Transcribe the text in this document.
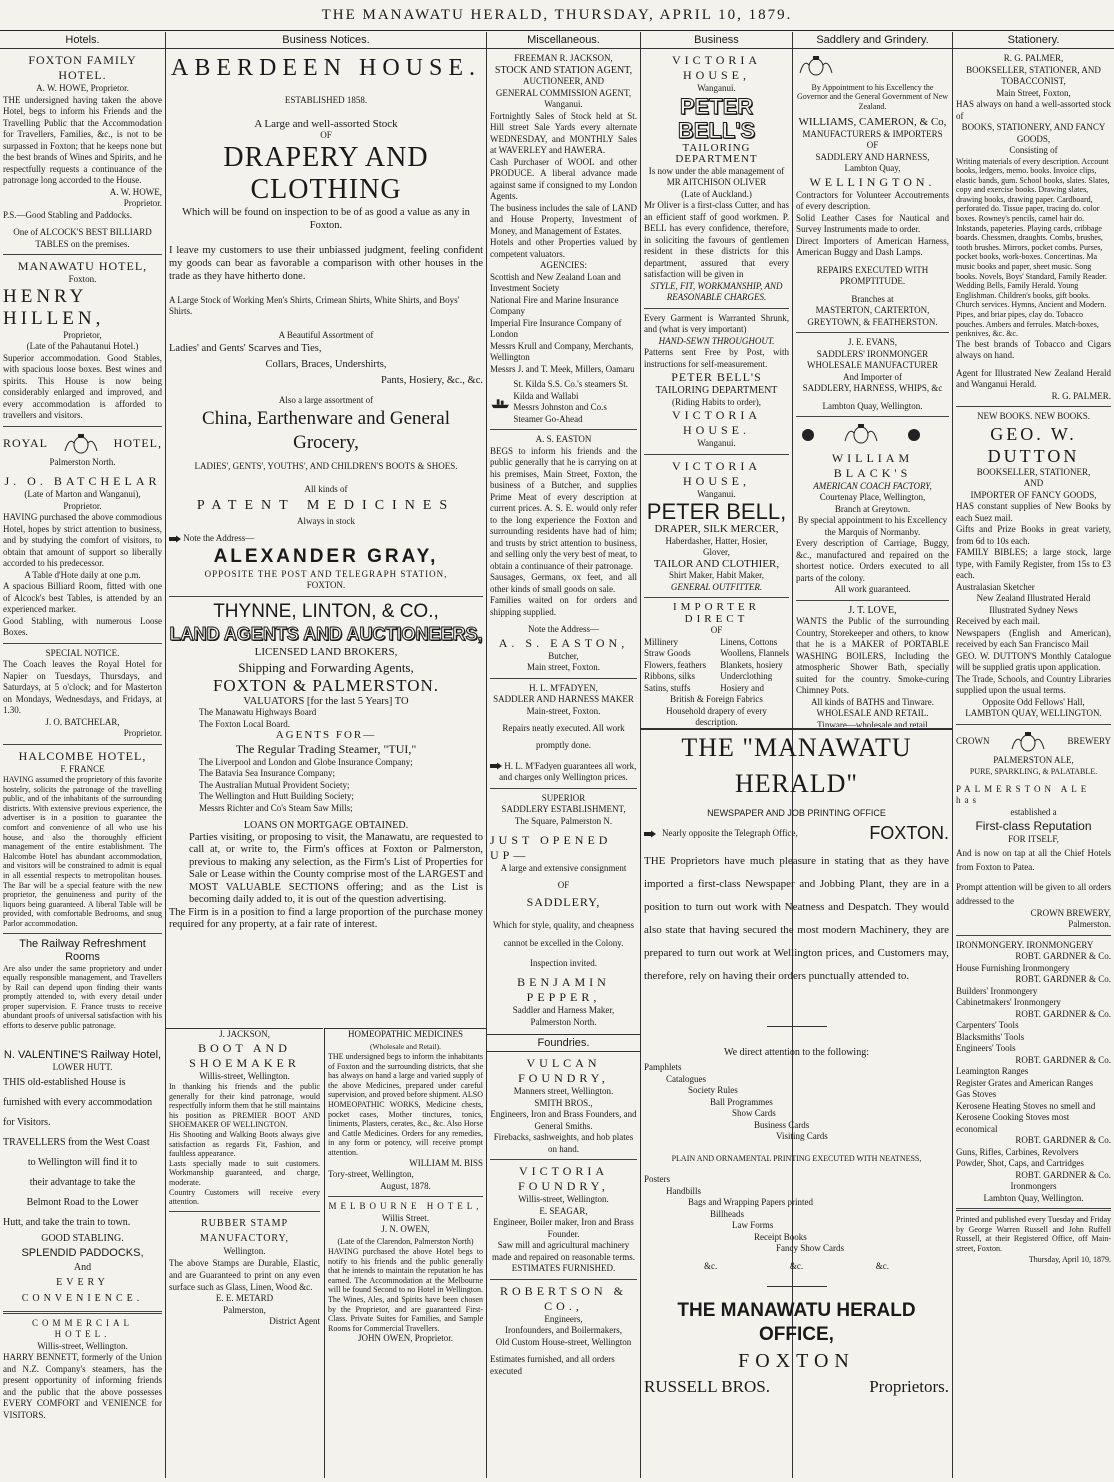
THE MANAWATU HERALD, THURSDAY, APRIL 10, 1879.
Hotels.

FOXTON FAMILY HOTEL.

A. W. HOWE, Proprietor.

THE undersigned having taken the above Hotel, begs to inform his Friends and the Travelling Public that the Accommodation for Travellers, Families, &c., is not to be surpassed in Foxton; that he keeps none but the best brands of Wines and Spirits, and he respectfully requests a continuance of the patronage long accorded to the House.

A. W. HOWE,

Proprietor.

P.S.—Good Stabling and Paddocks.

One of ALCOCK'S BEST BILLIARD

TABLES on the premises.

MANAWATU HOTEL,

Foxton.

HENRY HILLEN,

Proprietor,

(Late of the Pahautanui Hotel.)

Superior accommodation. Good Stables, with spacious loose boxes. Best wines and spirits. This House is now being considerably enlarged and improved, and every accommodation is afforded to travellers and visitors.

ROYAL	HOTEL,

Palmerston North.

J. O. BATCHELAR

(Late of Marton and Wanganui),

Proprietor.

HAVING purchased the above commodious Hotel, hopes by strict attention to business, and by studying the comfort of visitors, to obtain that amount of support so liberally accorded to his predecessor.

A Table d'Hote daily at one p.m.

A spacious Billiard Room, fitted with one of Alcock's best Tables, is attended by an experienced marker.

Good Stabling, with numerous Loose Boxes.

SPECIAL NOTICE.

The Coach leaves the Royal Hotel for Napier on Tuesdays, Thursdays, and Saturdays, at 5 o'clock; and for Masterton on Mondays, Wednesdays, and Fridays, at 1.30.

J. O. BATCHELAR,

Proprietor.

HALCOMBE HOTEL,

F. FRANCE

HAVING assumed the proprietory of this favorite hostelry, solicits the patronage of the travelling public, and of the inhabitants of the surrounding districts. With extensive previous experience, the advertiser is in a position to guarantee the comfort and convenience of all who use his house, and also the thoroughly efficient management of the entire establishment. The Halcombe Hotel has abundant accommodation, and visitors will be constrained to admit is equal in all essential respects to metropolitan houses. The Bar will be a special feature with the new proprietor, the genuineness and purity of the liquors being guaranteed. A liberal Table will be provided, with comfortable Bedrooms, and snug Parlor accommodation.

The Railway Refreshment Rooms

Are also under the same proprietory and under equally responsible management, and Travellers by Rail can depend upon finding their wants promptly attended to, with every detail under proper supervision. F. France trusts to receive abundant proofs of universal satisfaction with his efforts to deserve public patronage.

N. VALENTINE'S Railway Hotel,

LOWER HUTT.

THIS old-established House is

furnished with every accommodation

for Visitors.

TRAVELLERS from the West Coast

to Wellington will find it to

their advantage to take the

Belmont Road to the Lower

Hutt, and take the train to town.

GOOD STABLING.

SPLENDID PADDOCKS,

And

EVERY CONVENIENCE.

COMMERCIAL HOTEL.

Willis-street, Wellington.

HARRY BENNETT, formerly of the Union and N.Z. Company's steamers, has the present opportunity of informing friends and the public that the above possesses EVERY COMFORT and VENIENCE for VISITORS.

Business Notices.

ABERDEEN HOUSE.

ESTABLISHED 1858.

A Large and well-assorted Stock

OF

DRAPERY AND CLOTHING

Which will be found on inspection to be of as good a value as any in Foxton.

I leave my customers to use their unbiassed judgment, feeling confident my goods can bear as favorable a comparison with other houses in the trade as they have hitherto done.

A Large Stock of Working Men's Shirts, Crimean Shirts, White Shirts, and Boys' Shirts.

A Beautiful Assortment of

Ladies' and Gents' Scarves and Ties,

Collars, Braces, Undershirts,

Pants, Hosiery, &c., &c.

Also a large assortment of

China, Earthenware and General Grocery,

LADIES', GENTS', YOUTHS', AND CHILDREN'S BOOTS & SHOES.

All kinds of

PATENT MEDICINES

Always in stock

Note the Address—

ALEXANDER GRAY,

OPPOSITE THE POST AND TELEGRAPH STATION,

FOXTON.

THYNNE, LINTON, & CO.,

LAND AGENTS AND AUCTIONEERS,

LICENSED LAND BROKERS,

Shipping and Forwarding Agents,

FOXTON & PALMERSTON.

VALUATORS [for the last 5 Years] TO

The Manawatu Highways Board

The Foxton Local Board.

AGENTS FOR—

The Regular Trading Steamer, "TUI,"

The Liverpool and London and Globe Insurance Company;

The Batavia Sea Insurance Company;

The Australian Mutual Provident Society;

The Wellington and Hutt Building Society;

Messrs Richter and Co's Steam Saw Mills;

LOANS ON MORTGAGE OBTAINED.

Parties visiting, or proposing to visit, the Manawatu, are requested to call at, or write to, the Firm's offices at Foxton or Palmerston, previous to making any selection, as the Firm's List of Properties for Sale or Lease within the County comprise most of the LARGEST and MOST VALUABLE SECTIONS offering; and as the List is becoming daily added to, it is out of the question advertising.

The Firm is in a position to find a large proportion of the purchase money required for any property, at a fair rate of interest.

J. JACKSON,

BOOT AND SHOEMAKER

Willis-street, Wellington.

In thanking his friends and the public generally for their kind patronage, would respectfully inform them that he still maintains his position as PREMIER BOOT AND SHOEMAKER OF WELLINGTON.

His Shooting and Walking Boots always give satisfaction as regards Fit, Fashion, and faultless appearance.

Lasts specially made to suit customers. Workmanship guaranteed, and charge, moderate.

Country Customers will receive every attention.

RUBBER STAMP MANUFACTORY,

Wellington.

The above Stamps are Durable, Elastic, and are Guaranteed to print on any even surface such as Glass, Linen, Wood &c.

E. E. METARD

Palmerston,

District Agent

HOMEOPATHIC MEDICINES

(Wholesale and Retail).

THE undersigned begs to inform the inhabitants of Foxton and the surrounding districts, that she has always on hand a large and varied supply of the above Medicines, prepared under careful supervision, and proved before shipment. ALSO HOMEOPATHIC WORKS, Medicine chests, pocket cases, Mother tinctures, tonics, liniments, Plasters, cerates, &c., &c. Also Horse and Cattle Medicines. Orders for any remedies, in any form or potency, will receive prompt attention.

WILLIAM M. BISS

Tory-street, Wellington,

August, 1878.

MELBOURNE HOTEL,

Willis Street.

J. N. OWEN,

(Late of the Clarendon, Palmerston North)

HAVING purchased the above Hotel begs to notify to his friends and the public generally that he intends to maintain the reputation he has earned. The Accommodation at the Melbourne will be found Second to no Hotel in Wellington. The Wines, Ales, and Spirits have been chosen by the Proprietor, and are guaranteed First-Class. Private Suites for Families, and Sample Rooms for Commercial Travellers.

JOHN OWEN, Proprietor.

Miscellaneous.

FREEMAN R. JACKSON,

STOCK AND STATION AGENT,

AUCTIONEER, AND

GENERAL COMMISSION AGENT,

Wanganui.

Fortnightly Sales of Stock held at St. Hill street Sale Yards every alternate WEDNESDAY, and MONTHLY Sales at WAVERLEY and HAWERA.

Cash Purchaser of WOOL and other PRODUCE. A liberal advance made against same if consigned to my London Agents.

The business includes the sale of LAND and House Property, Investment of Money, and Management of Estates.

Hotels and other Properties valued by competent valuators.

AGENCIES:

Scottish and New Zealand Loan and Investment Society

National Fire and Marine Insurance Company

Imperial Fire Insurance Company of London

Messrs Krull and Company, Merchants, Wellington

Messrs J. and T. Meek, Millers, Oamaru

St. Kilda S.S. Co.'s steamers St. Kilda and Wallabi

Messrs Johnston and Co.s

Steamer Go-Ahead

A. S. EASTON

BEGS to inform his friends and the public generally that he is carrying on at his premises, Main Street, Foxton, the business of a Butcher, and supplies Prime Meat of every description at current prices. A. S. E. would only refer to the long experience the Foxton and surrounding residents have had of him; and trusts by strict attention to business, and selling only the very best of meat, to obtain a continuance of their patronage.

Sausages, Germans, ox feet, and all other kinds of small goods on sale.

Families waited on for orders and shipping supplied.

Note the Address—

A. S. EASTON,

Butcher,

Main street, Foxton.

H. L. M'FADYEN,

SADDLER AND HARNESS MAKER

Main-street, Foxton.

Repairs neatly executed. All work

promptly done.

H. L. M'Fadyen guarantees all work,

and charges only Wellington prices.

SUPERIOR

SADDLERY ESTABLISHMENT,

The Square, Palmerston N.

JUST OPENED UP—

A large and extensive consignment

OF

SADDLERY,

Which for style, quality, and cheapness cannot be excelled in the Colony.

Inspection invited.

BENJAMIN PEPPER,

Saddler and Harness Maker,

Palmerston North.

Foundries.

VULCAN FOUNDRY,

Manners street, Wellington.

SMITH BROS.,

Engineers, Iron and Brass Founders, and General Smiths.

Firebacks, sashweights, and hob plates on hand.

VICTORIA FOUNDRY,

Willis-street, Wellington.

E. SEAGAR,

Engineer, Boiler maker, Iron and Brass Founder.

Saw mill and agricultural machinery made and repaired on reasonable terms.

ESTIMATES FURNISHED.

ROBERTSON & CO.,

Engineers,

Ironfounders, and Boilermakers,

Old Custom House-street, Wellington

Estimates furnished, and all orders executed

Business

VICTORIA HOUSE,

Wanganui.

PETER BELL'S

TAILORING DEPARTMENT

Is now under the able management of

MR AITCHISON OLIVER

(Late of Auckland.)

Mr Oliver is a first-class Cutter, and has an efficient staff of good workmen. P. BELL has every confidence, therefore, in soliciting the favours of gentlemen resident in these districts for this department, assured that every satisfaction will be given in

STYLE, FIT, WORKMANSHIP, AND REASONABLE CHARGES.

Every Garment is Warranted Shrunk, and (what is very important)

HAND-SEWN THROUGHOUT.

Patterns sent Free by Post, with instructions for self-measurement.

PETER BELL'S

TAILORING DEPARTMENT

(Riding Habits to order),

VICTORIA HOUSE.

Wanganui.

VICTORIA HOUSE,

Wanganui.

PETER BELL,

DRAPER, SILK MERCER,

Haberdasher, Hatter, Hosier,

Glover,

TAILOR AND CLOTHIER,

Shirt Maker, Habit Maker,

GENERAL OUTFITTER.

IMPORTER DIRECT

OF

Millinery

Straw Goods

Flowers, feathers

Ribbons, silks

Satins, stuffs

Linens, Cottons

Woollens, Flannels

Blankets, hosiery

Underclothing

Hosiery and

British & Foreign Fabrics

Household drapery of every description.

Saddlery and Grindery.

By Appointment to his Excellency the Governor and the General Government of New Zealand.

WILLIAMS, CAMERON, & Co,

MANUFACTURERS & IMPORTERS

OF

SADDLERY AND HARNESS,

Lambton Quay,

WELLINGTON.

Contractors for Volunteer Accoutrements of every description.

Solid Leather Cases for Nautical and Survey Instruments made to order.

Direct Importers of American Harness, American Buggy and Dash Lamps.

REPAIRS EXECUTED WITH PROMPTITUDE.

Branches at

MASTERTON, CARTERTON, GREYTOWN, & FEATHERSTON.

J. E. EVANS,

SADDLERS' IRONMONGER

WHOLESALE MANUFACTURER

And Importer of

SADDLERY, HARNESS, WHIPS, &c

Lambton Quay, Wellington.

WILLIAM BLACK'S

AMERICAN COACH FACTORY,

Courtenay Place, Wellington,

Branch at Greytown.

By special appointment to his Excellency the Marquis of Normanby.

Every description of Carriage, Buggy, &c., manufactured and repaired on the shortest notice. Orders executed to all parts of the colony.

All work guaranteed.

J. T. LOVE,

WANTS the Public of the surrounding Country, Storekeeper and others, to know that he is a MAKER of PORTABLE WASHING BOILERS, Including the atmospheric Shower Bath, specially suited for the country. Smoke-curing Chimney Pots.

All kinds of BATHS and Tinware.

WHOLESALE AND RETAIL.

Tinware—wholesale and retail

THE "MANAWATU HERALD"

NEWSPAPER AND JOB PRINTING OFFICE

Nearly opposite the Telegraph Office,	FOXTON.

THE Proprietors have much pleasure in stating that as they have imported a first-class Newspaper and Jobbing Plant, they are in a position to turn out work with Neatness and Despatch. They would also state that having secured the most modern Machinery, they are prepared to turn out work at Wellington prices, and Customers may, therefore, rely on having their orders punctually attended to.

We direct attention to the following:

Pamphlets

Catalogues

Society Rules

Ball Programmes

Show Cards

Business Cards

Visiting Cards

PLAIN AND ORNAMENTAL PRINTING EXECUTED WITH NEATNESS,

Posters

Handbills

Bags and Wrapping Papers printed

Billheads

Law Forms

Receipt Books

Fancy Show Cards

&c.	&c.	&c.

THE MANAWATU HERALD OFFICE,

FOXTON

RUSSELL BROS.	Proprietors.
Stationery.

R. G. PALMER,

BOOKSELLER, STATIONER, AND TOBACCONIST,

Main Street, Foxton,

HAS always on hand a well-assorted stock of

BOOKS, STATIONERY, AND FANCY GOODS,

Consisting of

Writing materials of every description. Account books, ledgers, memo. books. Invoice clips, elastic bands, gum. School books, slates. Slates, copy and exercise books. Drawing slates, drawing books, drawing paper. Cardboard, perforated do. Tissue paper, tracing do. color boxes. Rowney's pencils, camel hair do. Inkstands, papeteries. Playing cards, cribbage boards. Chessmen, draughts. Combs, brushes, tooth brushes. Mirrors, pocket combs. Purses, pocket books, work-boxes. Concertinas. Ma music books and paper, sheet music. Song books. Novels, Boys' Standard, Family Reader. Wedding Bells, Family Herald. Young Englishman. Children's books, gift books. Church services. Hymns, Ancient and Modern. Pipes, and briar pipes, clay do. Tobacco pouches. Ambers and ferrules. Match-boxes, penknives, &c. &c.

The best brands of Tobacco and Cigars always on hand.

Agent for Illustrated New Zealand Herald and Wanganui Herald.

R. G. PALMER.

NEW BOOKS. NEW BOOKS.

GEO. W. DUTTON

BOOKSELLER, STATIONER,

AND

IMPORTER OF FANCY GOODS,

HAS constant supplies of New Books by each Suez mail.

Gifts and Prize Books in great variety, from 6d to 10s each.

FAMILY BIBLES; a large stock, large type, with Family Register, from 15s to £3 each.

Australasian Sketcher

New Zealand Illustrated Herald

Illustrated Sydney News

Received by each mail.

Newspapers (English and American), received by each San Francisco Mail

GEO. W. DUTTON'S Monthly Catalogue will be supplied gratis upon application.

The Trade, Schools, and Country Libraries supplied upon the usual terms.

Opposite Odd Fellows' Hall,

LAMBTON QUAY, WELLINGTON.

CROWN	BREWERY

PALMERSTON ALE,

PURE, SPARKLING, & PALATABLE.

PALMERSTON ALE has

established a

First-class Reputation

FOR ITSELF,

And is now on tap at all the Chief Hotels from Foxton to Patea.

Prompt attention will be given to all orders addressed to the

CROWN BREWERY,

Palmerston.

IRONMONGERY. IRONMONGERY

ROBT. GARDNER & Co.

House Furnishing Ironmongery

ROBT. GARDNER & Co.

Builders' Ironmongery

Cabinetmakers' Ironmongery

ROBT. GARDNER & Co.

Carpenters' Tools

Blacksmiths' Tools

Engineers' Tools

ROBT. GARDNER & Co.

Leamington Ranges

Register Grates and American Ranges

Gas Stoves

Kerosene Heating Stoves no smell and

Kerosene Cooking Stoves most economical

ROBT. GARDNER & Co.

Guns, Rifles, Carbines, Revolvers

Powder, Shot, Caps, and Cartridges

ROBT. GARDNER & Co.

Ironmongers

Lambton Quay, Wellington.

Printed and published every Tuesday and Friday by George Warren Russell and John Ruffell Russell, at their Registered Office, off Main-street, Foxton.

Thursday, April 10, 1879.
